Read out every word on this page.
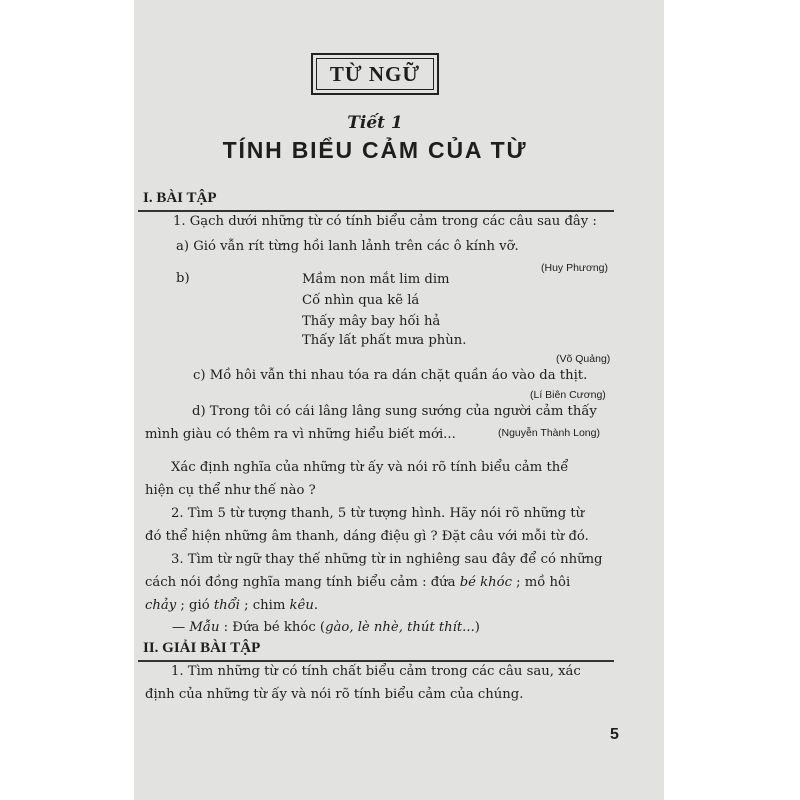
TỪ NGỮ
Tiết 1
TÍNH BIỂU CẢM CỦA TỪ
I. BÀI TẬP
1. Gạch dưới những từ có tính biểu cảm trong các câu sau đây :
a) Gió vẫn rít từng hồi lanh lảnh trên các ô kính vỡ.
(Huy Phương)
b)	Mầm non mắt lim dim
Cố nhìn qua kẽ lá
Thấy mây bay hối hả
Thấy lất phất mưa phùn.
(Võ Quảng)
c) Mồ hôi vẫn thi nhau tóa ra dán chặt quần áo vào da thịt.
(Lí Biên Cương)
d) Trong tôi có cái lâng lâng sung sướng của người cảm thấy
mình giàu có thêm ra vì những hiểu biết mới...	(Nguyễn Thành Long)
Xác định nghĩa của những từ ấy và nói rõ tính biểu cảm thể
hiện cụ thể như thế nào ?
2. Tìm 5 từ tượng thanh, 5 từ tượng hình. Hãy nói rõ những từ
đó thể hiện những âm thanh, dáng điệu gì ? Đặt câu với mỗi từ đó.
3. Tìm từ ngữ thay thế những từ in nghiêng sau đây để có những
cách nói đồng nghĩa mang tính biểu cảm : đứa bé khóc ; mồ hôi
chảy ; gió thổi ; chim kêu.
— Mẫu : Đứa bé khóc (gào, lè nhè, thút thít...)
II. GIẢI BÀI TẬP
1. Tìm những từ có tính chất biểu cảm trong các câu sau, xác
định của những từ ấy và nói rõ tính biểu cảm của chúng.
5
